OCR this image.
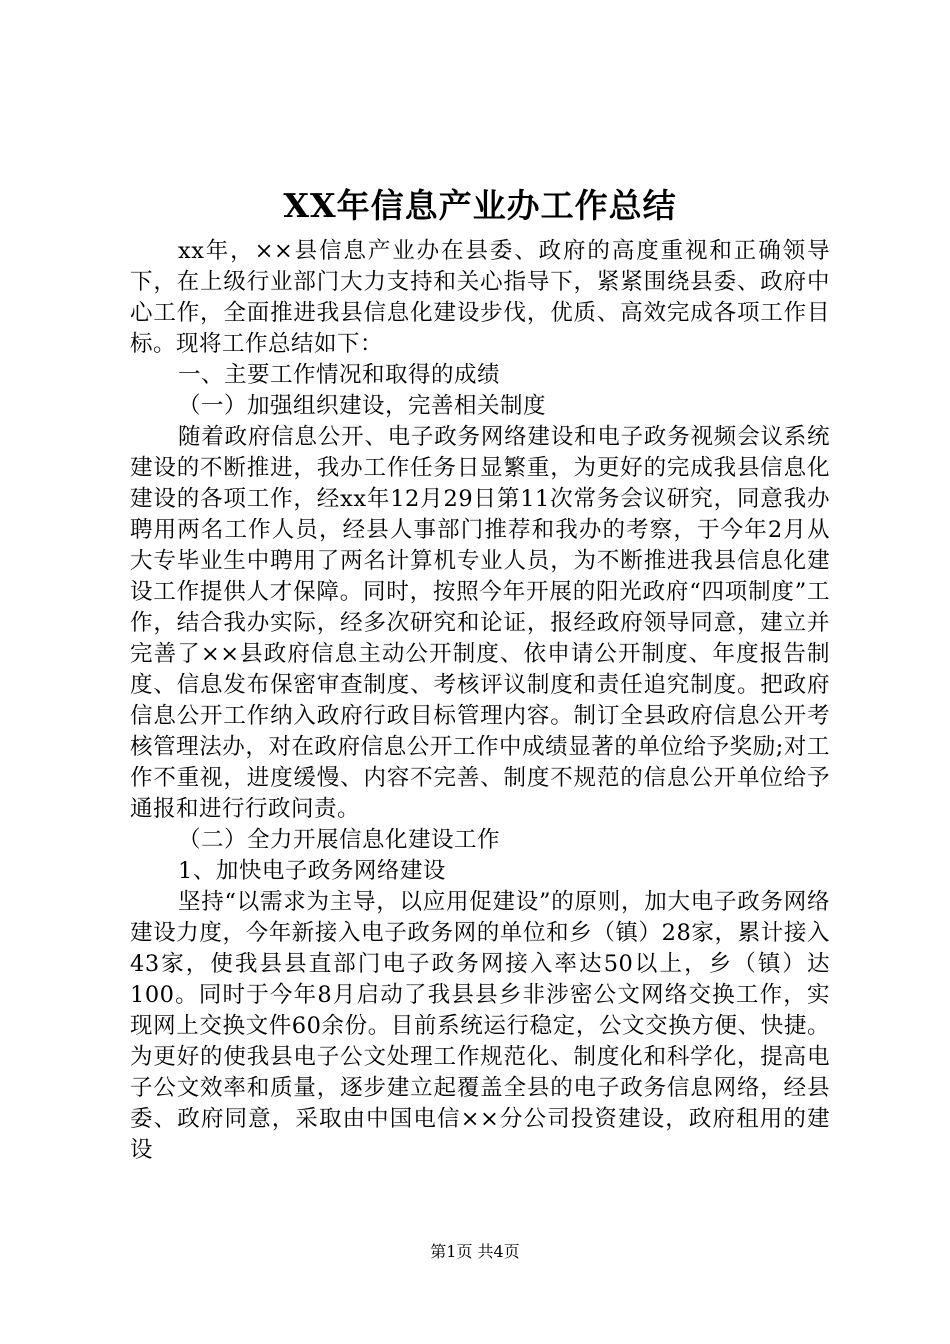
XX年信息产业办工作总结

xx年，××县信息产业办在县委、政府的高度重视和正确领导下，在上级行业部门大力支持和关心指导下，紧紧围绕县委、政府中心工作，全面推进我县信息化建设步伐，优质、高效完成各项工作目标。现将工作总结如下：

一、主要工作情况和取得的成绩

（一）加强组织建设，完善相关制度

随着政府信息公开、电子政务网络建设和电子政务视频会议系统建设的不断推进，我办工作任务日显繁重，为更好的完成我县信息化建设的各项工作，经xx年12月29日第11次常务会议研究，同意我办聘用两名工作人员，经县人事部门推荐和我办的考察，于今年2月从大专毕业生中聘用了两名计算机专业人员，为不断推进我县信息化建设工作提供人才保障。同时，按照今年开展的阳光政府“四项制度”工作，结合我办实际，经多次研究和论证，报经政府领导同意，建立并完善了××县政府信息主动公开制度、依申请公开制度、年度报告制度、信息发布保密审查制度、考核评议制度和责任追究制度。把政府信息公开工作纳入政府行政目标管理内容。制订全县政府信息公开考核管理法办，对在政府信息公开工作中成绩显著的单位给予奖励;对工作不重视，进度缓慢、内容不完善、制度不规范的信息公开单位给予通报和进行行政问责。

（二）全力开展信息化建设工作

1、加快电子政务网络建设

坚持“以需求为主导，以应用促建设”的原则，加大电子政务网络建设力度，今年新接入电子政务网的单位和乡（镇）28家，累计接入43家，使我县县直部门电子政务网接入率达50以上，乡（镇）达100。同时于今年8月启动了我县县乡非涉密公文网络交换工作，实现网上交换文件60余份。目前系统运行稳定，公文交换方便、快捷。为更好的使我县电子公文处理工作规范化、制度化和科学化，提高电子公文效率和质量，逐步建立起覆盖全县的电子政务信息网络，经县委、政府同意，采取由中国电信××分公司投资建设，政府租用的建设

第1页 共4页
